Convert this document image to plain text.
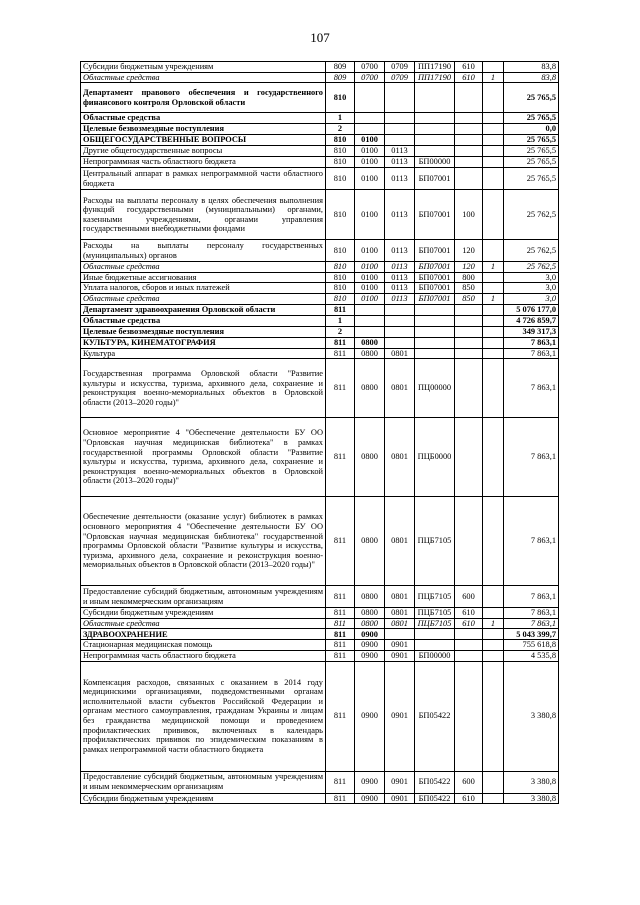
107
Субсидии бюджетным учреждениям	809	0700	0709	ПП17190	610		83,8
Областные средства	809	0700	0709	ПП17190	610	1	83,8
Департамент правового обеспечения и государственного финансового контроля Орловской области	810						25 765,5
Областные средства	1						25 765,5
Целевые безвозмездные поступления	2						0,0
ОБЩЕГОСУДАРСТВЕННЫЕ ВОПРОСЫ	810	0100					25 765,5
Другие общегосударственные вопросы	810	0100	0113				25 765,5
Непрограммная часть областного бюджета	810	0100	0113	БП00000			25 765,5
Центральный аппарат в рамках непрограммной части областного бюджета	810	0100	0113	БП07001			25 765,5
Расходы на выплаты персоналу в целях обеспечения выполнения функций государственными (муниципальными) органами, казенными учреждениями, органами управления государственными внебюджетными фондами	810	0100	0113	БП07001	100		25 762,5
Расходы на выплаты персоналу государственных (муниципальных) органов	810	0100	0113	БП07001	120		25 762,5
Областные средства	810	0100	0113	БП07001	120	1	25 762,5
Иные бюджетные ассигнования	810	0100	0113	БП07001	800		3,0
Уплата налогов, сборов и иных платежей	810	0100	0113	БП07001	850		3,0
Областные средства	810	0100	0113	БП07001	850	1	3,0
Департамент здравоохранения Орловской области	811						5 076 177,0
Областные средства	1						4 726 859,7
Целевые безвозмездные поступления	2						349 317,3
КУЛЬТУРА, КИНЕМАТОГРАФИЯ	811	0800					7 863,1
Культура	811	0800	0801				7 863,1
Государственная программа Орловской области "Развитие культуры и искусства, туризма, архивного дела, сохранение и реконструкция военно-мемориальных объектов в Орловской области (2013–2020 годы)"	811	0800	0801	ПЦ00000			7 863,1
Основное мероприятие 4 "Обеспечение деятельности БУ ОО "Орловская научная медицинская библиотека" в рамках государственной программы Орловской области "Развитие культуры и искусства, туризма, архивного дела, сохранение и реконструкция военно-мемориальных объектов в Орловской области (2013–2020 годы)"	811	0800	0801	ПЦБ0000			7 863,1
Обеспечение деятельности (оказание услуг) библиотек в рамках основного мероприятия 4 "Обеспечение деятельности БУ ОО "Орловская научная медицинская библиотека" государственной программы Орловской области "Развитие культуры и искусства, туризма, архивного дела, сохранение и реконструкция военно-мемориальных объектов в Орловской области (2013–2020 годы)"	811	0800	0801	ПЦБ7105			7 863,1
Предоставление субсидий бюджетным, автономным учреждениям и иным некоммерческим организациям	811	0800	0801	ПЦБ7105	600		7 863,1
Субсидии бюджетным учреждениям	811	0800	0801	ПЦБ7105	610		7 863,1
Областные средства	811	0800	0801	ПЦБ7105	610	1	7 863,1
ЗДРАВООХРАНЕНИЕ	811	0900					5 043 399,7
Стационарная медицинская помощь	811	0900	0901				755 618,8
Непрограммная часть областного бюджета	811	0900	0901	БП00000			4 535,8
Компенсация расходов, связанных с оказанием в 2014 году медицинскими организациями, подведомственными органам исполнительной власти субъектов Российской Федерации и органам местного самоуправления, гражданам Украины и лицам без гражданства медицинской помощи и проведением профилактических прививок, включенных в календарь профилактических прививок по эпидемическим показаниям в рамках непрограммной части областного бюджета	811	0900	0901	БП05422			3 380,8
Предоставление субсидий бюджетным, автономным учреждениям и иным некоммерческим организациям	811	0900	0901	БП05422	600		3 380,8
Субсидии бюджетным учреждениям	811	0900	0901	БП05422	610		3 380,8
